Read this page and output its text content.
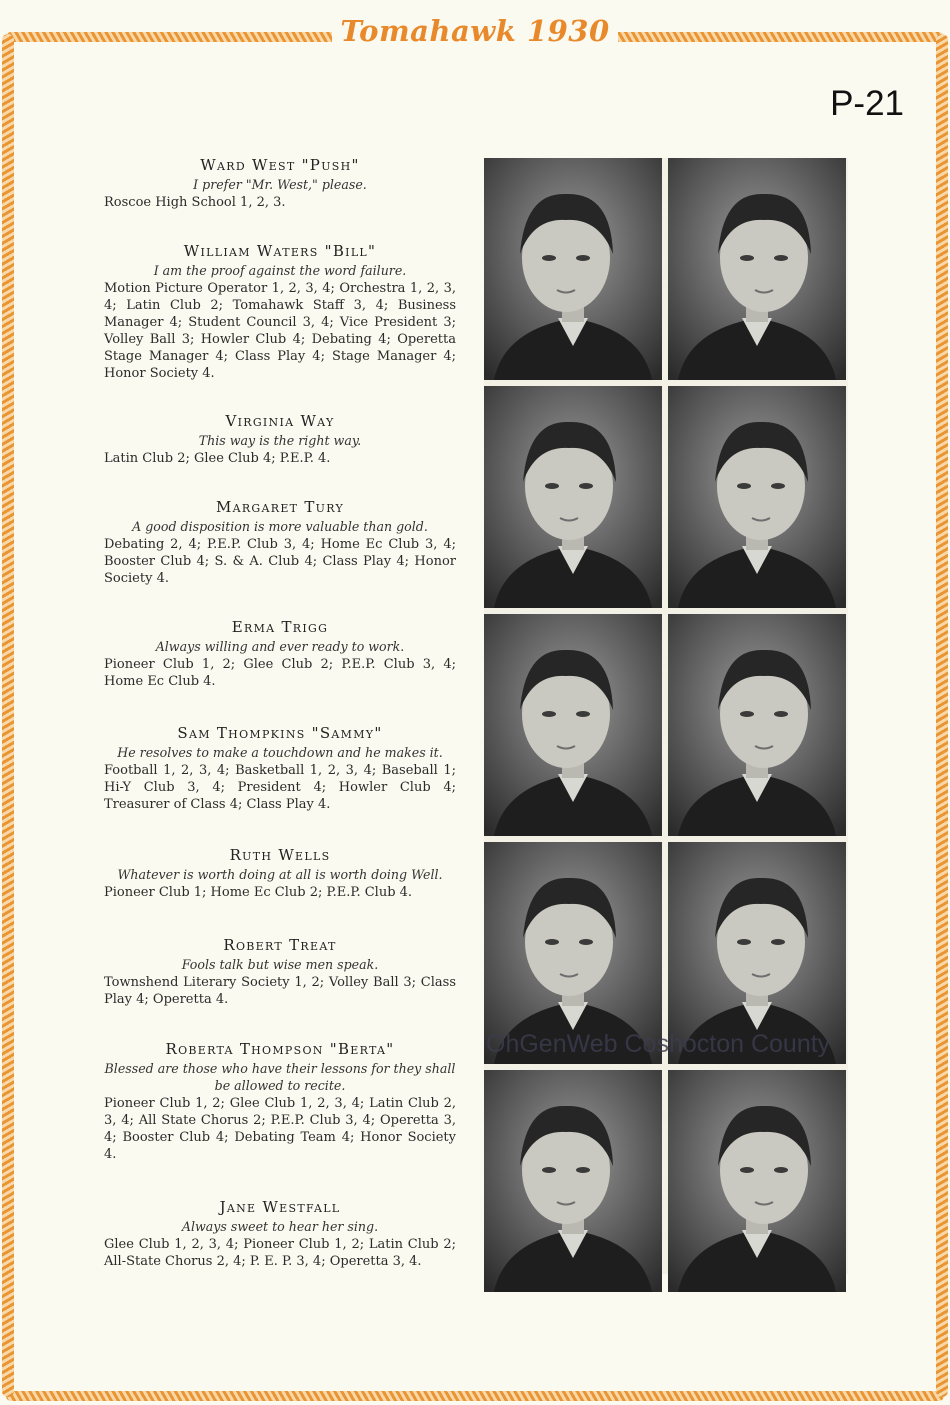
Tomahawk 1930
P-21
Ward West "Push"
I prefer "Mr. West," please.
Roscoe High School 1, 2, 3.
William Waters "Bill"
I am the proof against the word failure.
Motion Picture Operator 1, 2, 3, 4; Orchestra 1, 2, 3, 4; Latin Club 2; Tomahawk Staff 3, 4; Business Manager 4; Student Council 3, 4; Vice President 3; Volley Ball 3; Howler Club 4; Debating 4; Operetta Stage Manager 4; Class Play 4; Stage Manager 4; Honor Society 4.
Virginia Way
This way is the right way.
Latin Club 2; Glee Club 4; P.E.P. 4.
Margaret Tury
A good disposition is more valuable than gold.
Debating 2, 4; P.E.P. Club 3, 4; Home Ec Club 3, 4; Booster Club 4; S. & A. Club 4; Class Play 4; Honor Society 4.
Erma Trigg
Always willing and ever ready to work.
Pioneer Club 1, 2; Glee Club 2; P.E.P. Club 3, 4; Home Ec Club 4.
Sam Thompkins "Sammy"
He resolves to make a touchdown and he makes it.
Football 1, 2, 3, 4; Basketball 1, 2, 3, 4; Baseball 1; Hi-Y Club 3, 4; President 4; Howler Club 4; Treasurer of Class 4; Class Play 4.
Ruth Wells
Whatever is worth doing at all is worth doing Well.
Pioneer Club 1; Home Ec Club 2; P.E.P. Club 4.
Robert Treat
Fools talk but wise men speak.
Townshend Literary Society 1, 2; Volley Ball 3; Class Play 4; Operetta 4.
Roberta Thompson "Berta"
Blessed are those who have their lessons for they shall be allowed to recite.
Pioneer Club 1, 2; Glee Club 1, 2, 3, 4; Latin Club 2, 3, 4; All State Chorus 2; P.E.P. Club 3, 4; Operetta 3, 4; Booster Club 4; Debating Team 4; Honor Society 4.
Jane Westfall
Always sweet to hear her sing.
Glee Club 1, 2, 3, 4; Pioneer Club 1, 2; Latin Club 2; All-State Chorus 2, 4; P. E. P. 3, 4; Operetta 3, 4.
OhGenWeb Coshocton County
